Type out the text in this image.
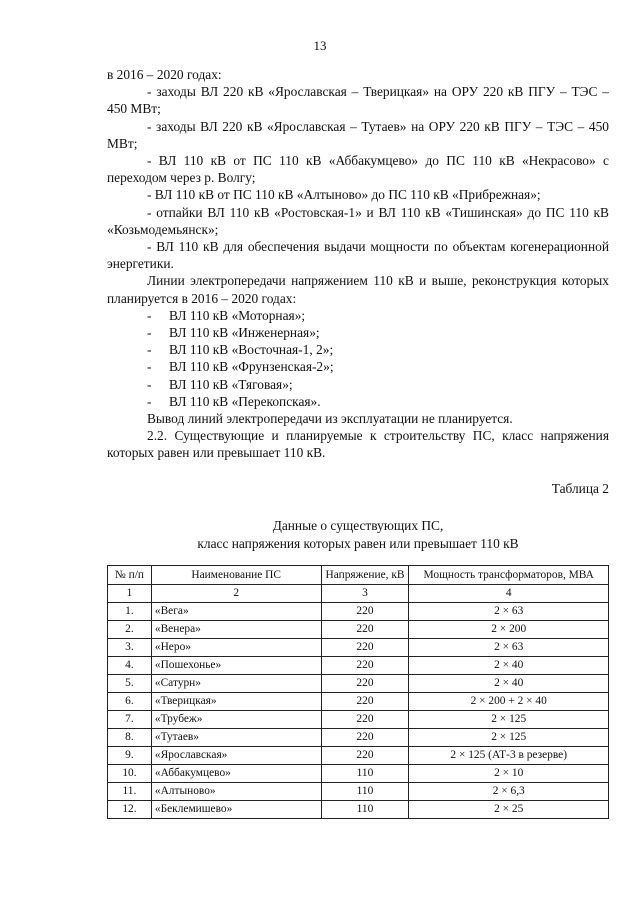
13

в 2016 – 2020 годах:

- заходы ВЛ 220 кВ «Ярославская – Тверицкая» на ОРУ 220 кВ ПГУ – ТЭС – 450 МВт;

- заходы ВЛ 220 кВ «Ярославская – Тутаев» на ОРУ 220 кВ ПГУ – ТЭС – 450 МВт;

- ВЛ 110 кВ от ПС 110 кВ «Аббакумцево» до ПС 110 кВ «Некрасово» с переходом через р. Волгу;

- ВЛ 110 кВ от ПС 110 кВ «Алтыново» до ПС 110 кВ «Прибрежная»;

- отпайки ВЛ 110 кВ «Ростовская-1» и ВЛ 110 кВ «Тишинская» до ПС 110 кВ «Козьмодемьянск»;

- ВЛ 110 кВ для обеспечения выдачи мощности по объектам когенерационной энергетики.

Линии электропередачи напряжением 110 кВ и выше, реконструкция которых планируется в 2016 – 2020 годах:

- ВЛ 110 кВ «Моторная»;

- ВЛ 110 кВ «Инженерная»;

- ВЛ 110 кВ «Восточная-1, 2»;

- ВЛ 110 кВ «Фрунзенская-2»;

- ВЛ 110 кВ «Тяговая»;

- ВЛ 110 кВ «Перекопская».

Вывод линий электропередачи из эксплуатации не планируется.

2.2. Существующие и планируемые к строительству ПС, класс напряжения которых равен или превышает 110 кВ.

Таблица 2
Данные о существующих ПС,
класс напряжения которых равен или превышает 110 кВ
№ п/п	Наименование ПС	Напряжение, кВ	Мощность трансформаторов, МВА
1	2	3	4
1.	«Вега»	220	2 × 63
2.	«Венера»	220	2 × 200
3.	«Неро»	220	2 × 63
4.	«Пошехонье»	220	2 × 40
5.	«Сатурн»	220	2 × 40
6.	«Тверицкая»	220	2 × 200 + 2 × 40
7.	«Трубеж»	220	2 × 125
8.	«Тутаев»	220	2 × 125
9.	«Ярославская»	220	2 × 125 (АТ-3 в резерве)
10.	«Аббакумцево»	110	2 × 10
11.	«Алтыново»	110	2 × 6,3
12.	«Беклемишево»	110	2 × 25
